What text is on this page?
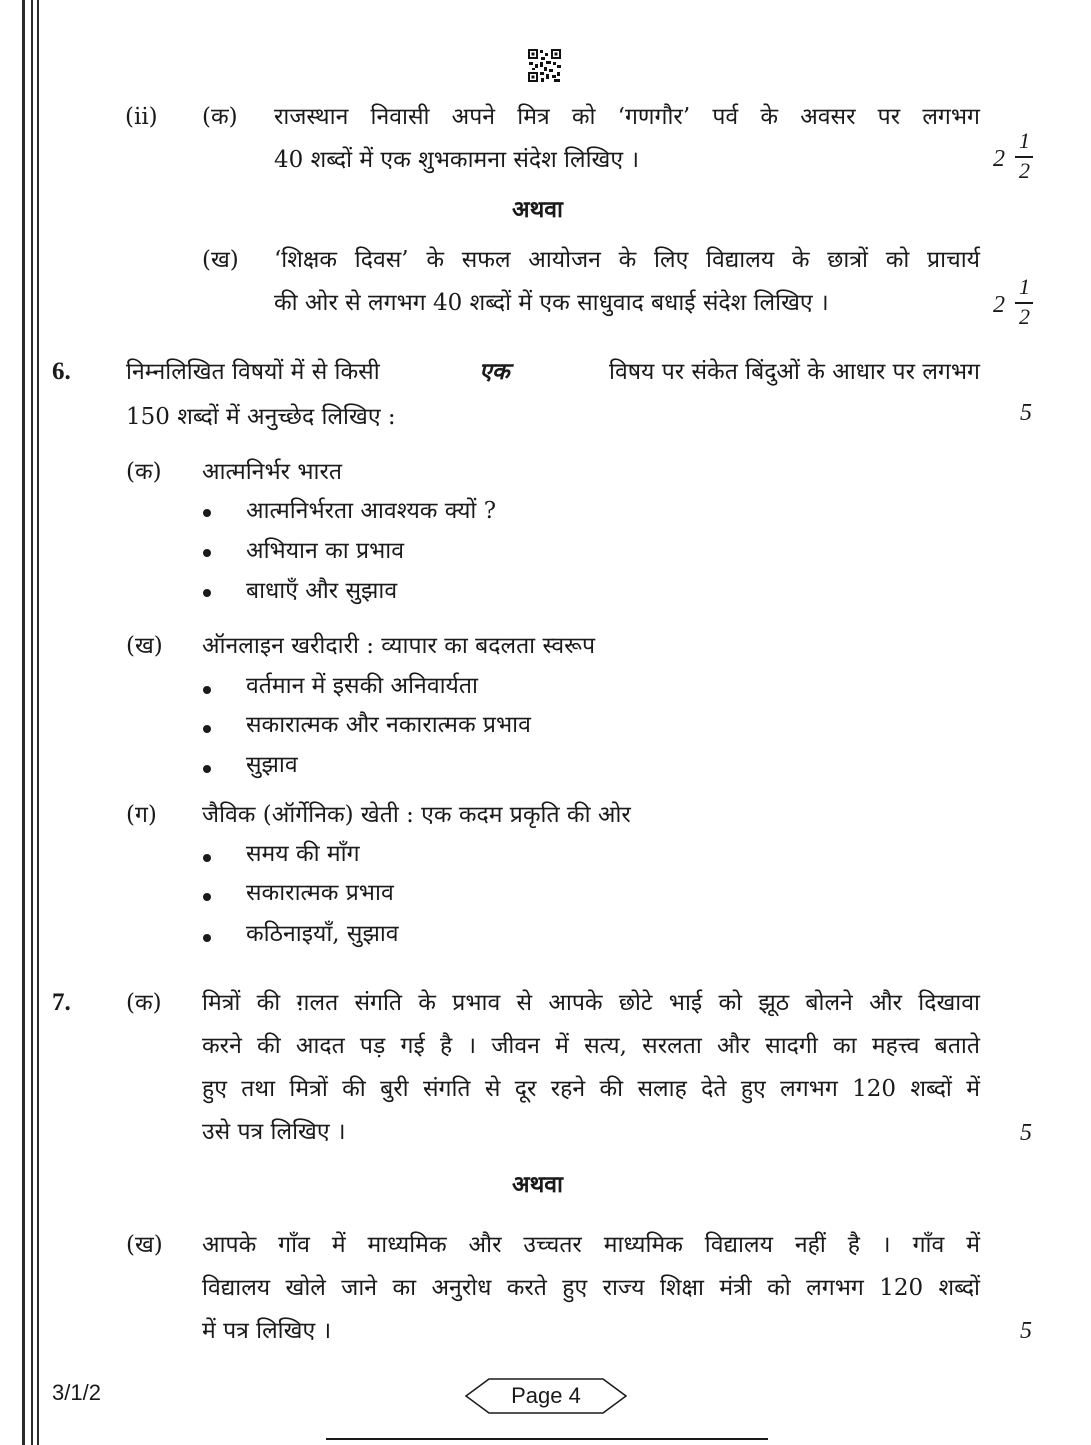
(ii) (क) राजस्थान निवासी अपने मित्र को ‘गणगौर’ पर्व के अवसर पर लगभग
40 शब्दों में एक शुभकामना संदेश लिखिए ।	2
1
2
अथवा
(ख) ‘शिक्षक दिवस’ के सफल आयोजन के लिए विद्यालय के छात्रों को प्राचार्य
की ओर से लगभग 40 शब्दों में एक साधुवाद बधाई संदेश लिखिए ।	2
1
2
6. निम्नलिखित विषयों में से किसी	एक	विषय पर संकेत बिंदुओं के आधार पर लगभग
150 शब्दों में अनुच्छेद लिखिए :	5
(क) आत्मनिर्भर भारत
आत्मनिर्भरता आवश्यक क्यों ?
अभियान का प्रभाव
बाधाएँ और सुझाव
(ख) ऑनलाइन खरीदारी : व्यापार का बदलता स्वरूप
वर्तमान में इसकी अनिवार्यता
सकारात्मक और नकारात्मक प्रभाव
सुझाव
(ग) जैविक (ऑर्गेनिक) खेती : एक कदम प्रकृति की ओर
समय की माँग
सकारात्मक प्रभाव
कठिनाइयाँ, सुझाव
7. (क) मित्रों की ग़लत संगति के प्रभाव से आपके छोटे भाई को झूठ बोलने और दिखावा
करने की आदत पड़ गई है । जीवन में सत्य, सरलता और सादगी का महत्त्व बताते
हुए तथा मित्रों की बुरी संगति से दूर रहने की सलाह देते हुए लगभग 120 शब्दों में
उसे पत्र लिखिए ।	5
अथवा
(ख) आपके गाँव में माध्यमिक और उच्चतर माध्यमिक विद्यालय नहीं है । गाँव में
विद्यालय खोले जाने का अनुरोध करते हुए राज्य शिक्षा मंत्री को लगभग 120 शब्दों
में पत्र लिखिए ।	5
3/1/2	Page 4
